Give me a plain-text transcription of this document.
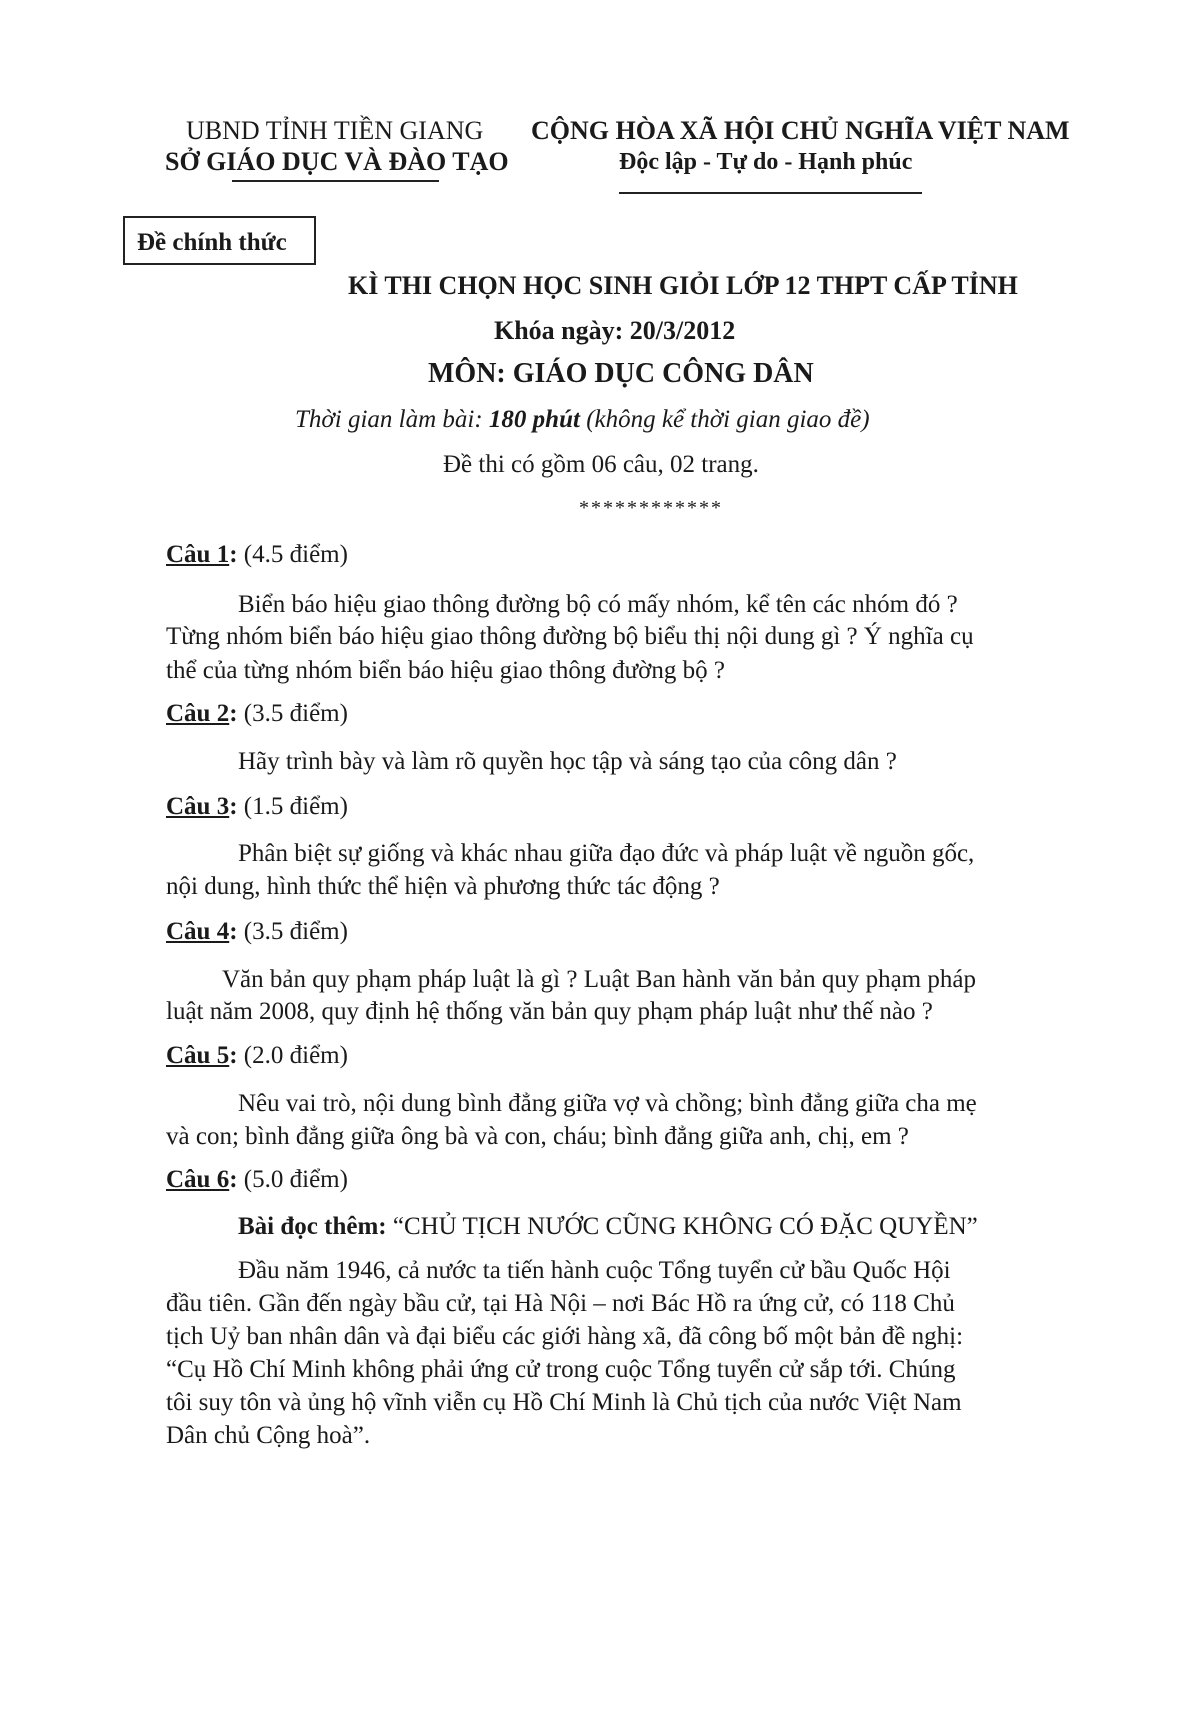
UBND TỈNH TIỀN GIANG
SỞ GIÁO DỤC VÀ ĐÀO TẠO
CỘNG HÒA XÃ HỘI CHỦ NGHĨA VIỆT NAM
Độc lập - Tự do - Hạnh phúc
Đề chính thức
KÌ THI CHỌN HỌC SINH GIỎI LỚP 12 THPT CẤP TỈNH
Khóa ngày: 20/3/2012
MÔN: GIÁO DỤC CÔNG DÂN
Thời gian làm bài: 180 phút (không kể thời gian giao đề)
Đề thi có gồm 06 câu, 02 trang.
************
Câu 1: (4.5 điểm)
Biển báo hiệu giao thông đường bộ có mấy nhóm, kể tên các nhóm đó ?
Từng nhóm biển báo hiệu giao thông đường bộ biểu thị nội dung gì ? Ý nghĩa cụ
thể của từng nhóm biển báo hiệu giao thông đường bộ ?
Câu 2: (3.5 điểm)
Hãy trình bày và làm rõ quyền học tập và sáng tạo của công dân ?
Câu 3: (1.5 điểm)
Phân biệt sự giống và khác nhau giữa đạo đức và pháp luật về nguồn gốc,
nội dung, hình thức thể hiện và phương thức tác động ?
Câu 4: (3.5 điểm)
Văn bản quy phạm pháp luật là gì ? Luật Ban hành văn bản quy phạm pháp
luật năm 2008, quy định hệ thống văn bản quy phạm pháp luật như thế nào ?
Câu 5: (2.0 điểm)
Nêu vai trò, nội dung bình đẳng giữa vợ và chồng; bình đẳng giữa cha mẹ
và con; bình đẳng giữa ông bà và con, cháu; bình đẳng giữa anh, chị, em ?
Câu 6: (5.0 điểm)
Bài đọc thêm: “CHỦ TỊCH NƯỚC CŨNG KHÔNG CÓ ĐẶC QUYỀN”
Đầu năm 1946, cả nước ta tiến hành cuộc Tổng tuyển cử bầu Quốc Hội
đầu tiên. Gần đến ngày bầu cử, tại Hà Nội – nơi Bác Hồ ra ứng cử, có 118 Chủ
tịch Uỷ ban nhân dân và đại biểu các giới hàng xã, đã công bố một bản đề nghị:
“Cụ Hồ Chí Minh không phải ứng cử trong cuộc Tổng tuyển cử sắp tới. Chúng
tôi suy tôn và ủng hộ vĩnh viễn cụ Hồ Chí Minh là Chủ tịch của nước Việt Nam
Dân chủ Cộng hoà”.
